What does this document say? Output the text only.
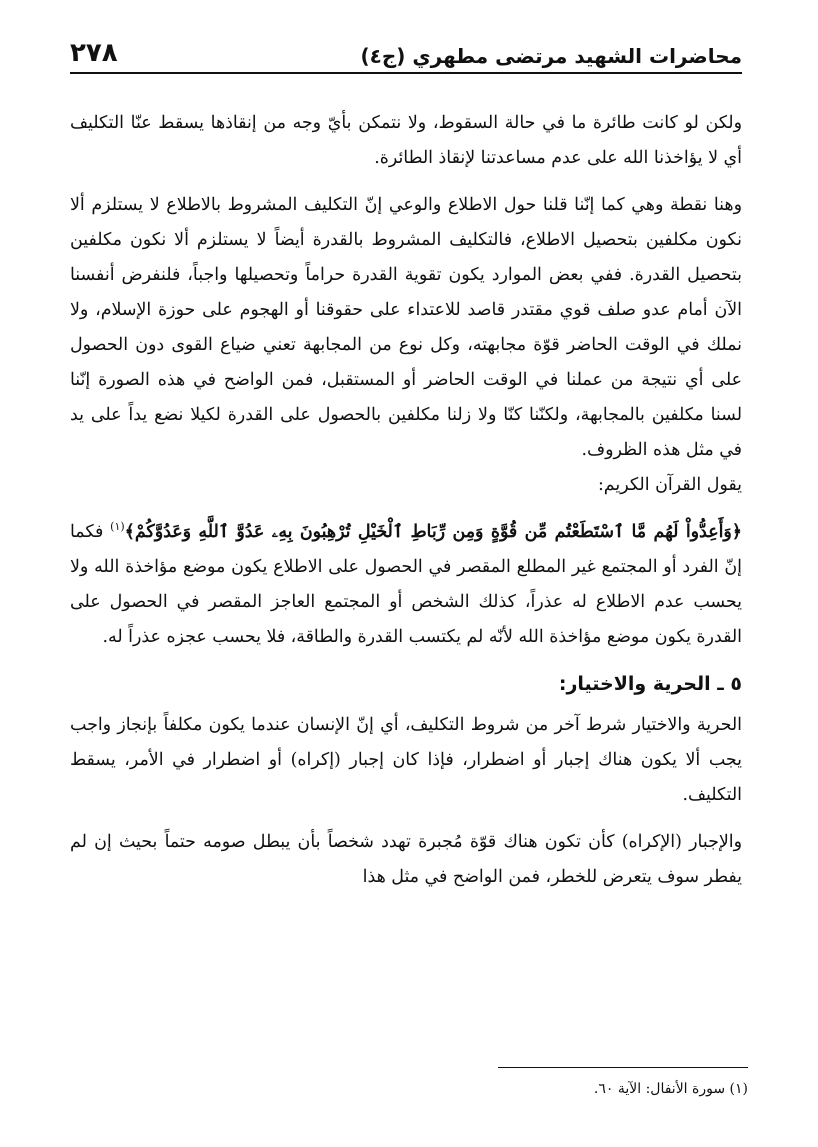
محاضرات الشهيد مرتضى مطهري (ج٤)
٢٧٨

ولكن لو كانت طائرة ما في حالة السقوط، ولا نتمكن بأيّ وجه من إنقاذها يسقط عنّا التكليف أي لا يؤاخذنا الله على عدم مساعدتنا لإنقاذ الطائرة.

وهنا نقطة وهي كما إنّنا قلنا حول الاطلاع والوعي إنّ التكليف المشروط بالاطلاع لا يستلزم ألا نكون مكلفين بتحصيل الاطلاع، فالتكليف المشروط بالقدرة أيضاً لا يستلزم ألا نكون مكلفين بتحصيل القدرة. ففي بعض الموارد يكون تقوية القدرة حراماً وتحصيلها واجباً، فلنفرض أنفسنا الآن أمام عدو صلف قوي مقتدر قاصد للاعتداء على حقوقنا أو الهجوم على حوزة الإسلام، ولا نملك في الوقت الحاضر قوّة مجابهته، وكل نوع من المجابهة تعني ضياع القوى دون الحصول على أي نتيجة من عملنا في الوقت الحاضر أو المستقبل، فمن الواضح في هذه الصورة إنّنا لسنا مكلفين بالمجابهة، ولكنّنا كنّا ولا زلنا مكلفين بالحصول على القدرة لكيلا نضع يداً على يد في مثل هذه الظروف.

يقول القرآن الكريم:

﴿وَأَعِدُّواْ لَهُم مَّا ٱسْتَطَعْتُم مِّن قُوَّةٍ وَمِن رِّبَاطِ ٱلْخَيْلِ تُرْهِبُونَ بِهِۦ عَدُوَّ ٱللَّهِ وَعَدُوَّكُمْ﴾$^{(١)}$ فكما إنّ الفرد أو المجتمع غير المطلع المقصر في الحصول على الاطلاع يكون موضع مؤاخذة الله ولا يحسب عدم الاطلاع له عذراً، كذلك الشخص أو المجتمع العاجز المقصر في الحصول على القدرة يكون موضع مؤاخذة الله لأنّه لم يكتسب القدرة والطاقة، فلا يحسب عجزه عذراً له.

٥ ـ الحرية والاختيار:

الحرية والاختيار شرط آخر من شروط التكليف، أي إنّ الإنسان عندما يكون مكلفاً بإنجاز واجب يجب ألا يكون هناك إجبار أو اضطرار، فإذا كان إجبار (إكراه) أو اضطرار في الأمر، يسقط التكليف.

والإجبار (الإكراه) كأن تكون هناك قوّة مُجبرة تهدد شخصاً بأن يبطل صومه حتماً بحيث إن لم يفطر سوف يتعرض للخطر، فمن الواضح في مثل هذا

(١) سورة الأنفال: الآية ٦٠.
